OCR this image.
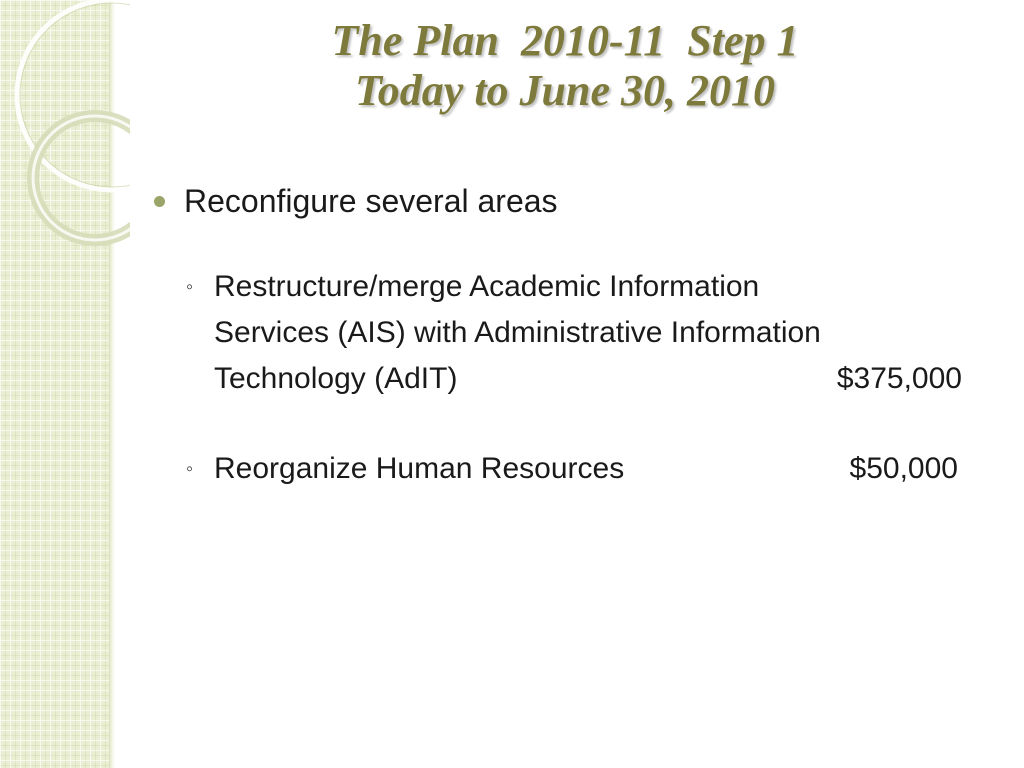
The Plan  2010-11  Step 1
Today to June 30, 2010
Reconfigure several areas
◦ Restructure/merge Academic Information
Services (AIS) with Administrative Information
Technology (AdIT)	$375,000
◦ Reorganize Human Resources	$50,000
